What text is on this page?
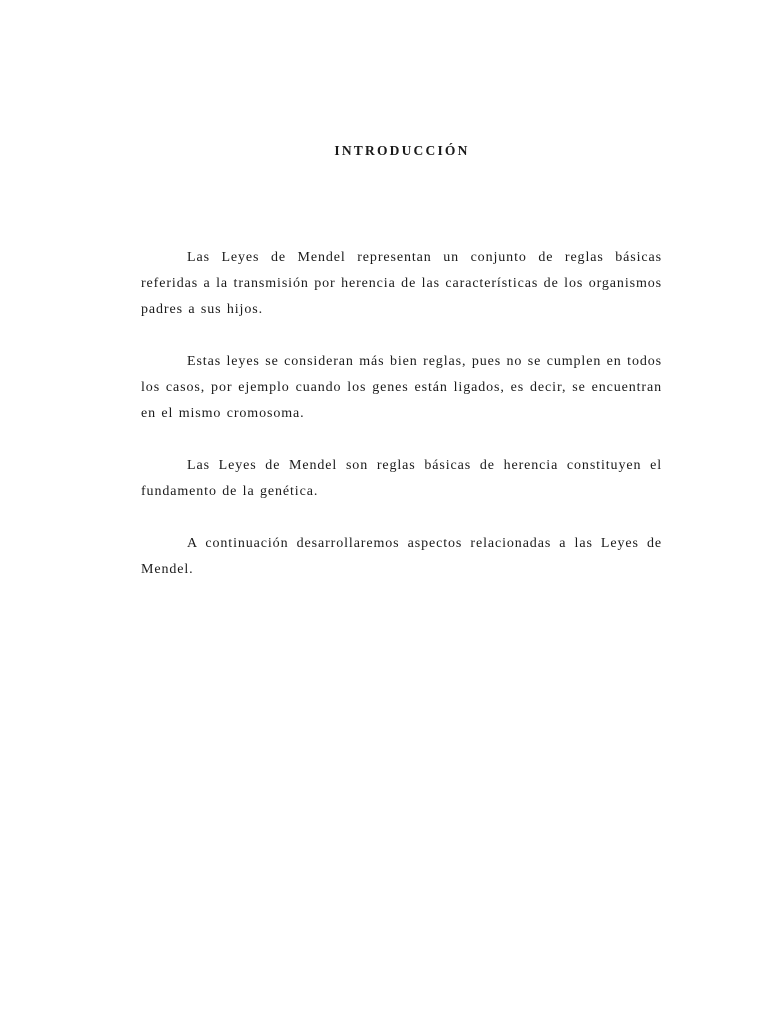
INTRODUCCIÓN

Las Leyes de Mendel representan un conjunto de reglas básicas referidas a la transmisión por herencia de las características de los organismos padres a sus hijos.

Estas leyes se consideran más bien reglas, pues no se cumplen en todos los casos, por ejemplo cuando los genes están ligados, es decir, se encuentran en el mismo cromosoma.

Las Leyes de Mendel son reglas básicas de herencia constituyen el fundamento de la genética.

A continuación desarrollaremos aspectos relacionadas a las Leyes de Mendel.
